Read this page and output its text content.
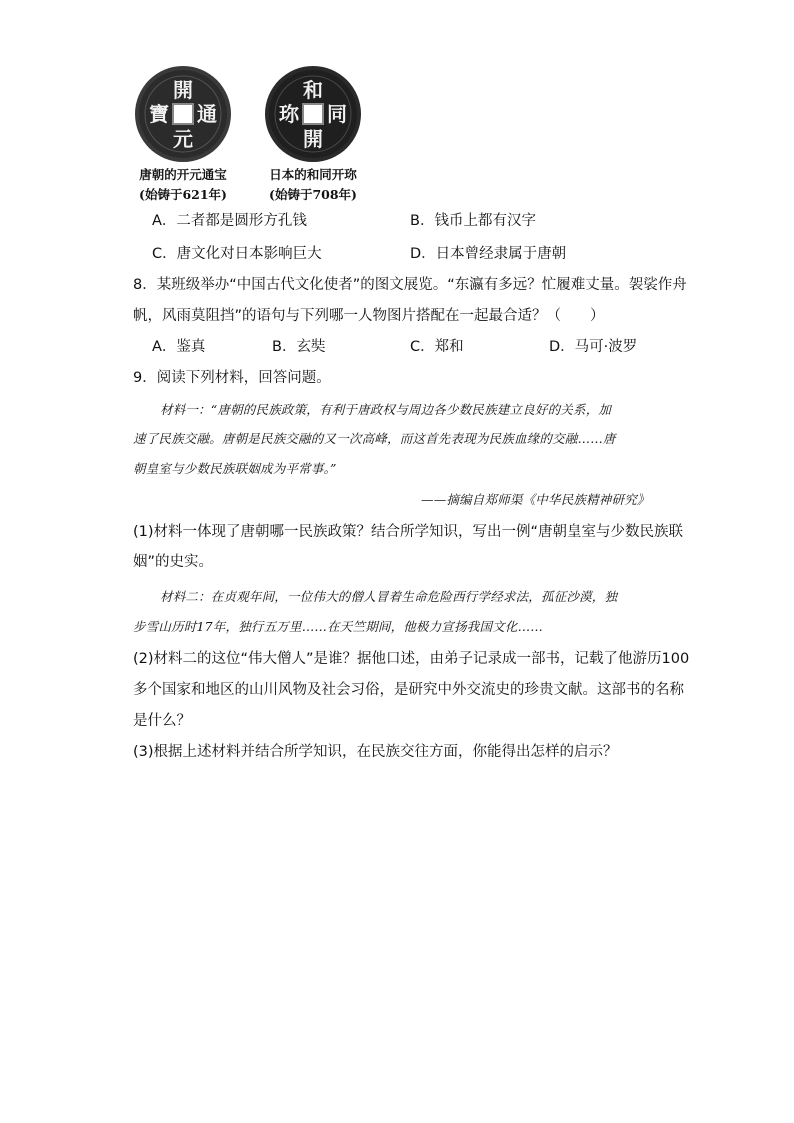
開
通
元
寶
唐朝的开元通宝
(始铸于621年)
和
同
開
珎
日本的和同开珎
(始铸于708年)
A．二者都是圆形方孔钱	B．钱币上都有汉字
C．唐文化对日本影响巨大	D．日本曾经隶属于唐朝
8．某班级举办“中国古代文化使者”的图文展览。“东瀛有多远？忙履难丈量。袈裟作舟
帆，风雨莫阻挡”的语句与下列哪一人物图片搭配在一起最合适？（　　）
A．鉴真	B．玄奘	C．郑和	D．马可·波罗
9．阅读下列材料，回答问题。
材料一：“唐朝的民族政策，有利于唐政权与周边各少数民族建立良好的关系，加
速了民族交融。唐朝是民族交融的又一次高峰，而这首先表现为民族血缘的交融……唐
朝皇室与少数民族联姻成为平常事。”
——摘编自郑师渠《中华民族精神研究》
(1)材料一体现了唐朝哪一民族政策？结合所学知识，写出一例“唐朝皇室与少数民族联
姻”的史实。
材料二：在贞观年间，一位伟大的僧人冒着生命危险西行学经求法，孤征沙漠，独
步雪山历时17年，独行五万里……在天竺期间，他极力宣扬我国文化……
(2)材料二的这位“伟大僧人”是谁？据他口述，由弟子记录成一部书，记载了他游历100
多个国家和地区的山川风物及社会习俗，是研究中外交流史的珍贵文献。这部书的名称
是什么？
(3)根据上述材料并结合所学知识，在民族交往方面，你能得出怎样的启示？
